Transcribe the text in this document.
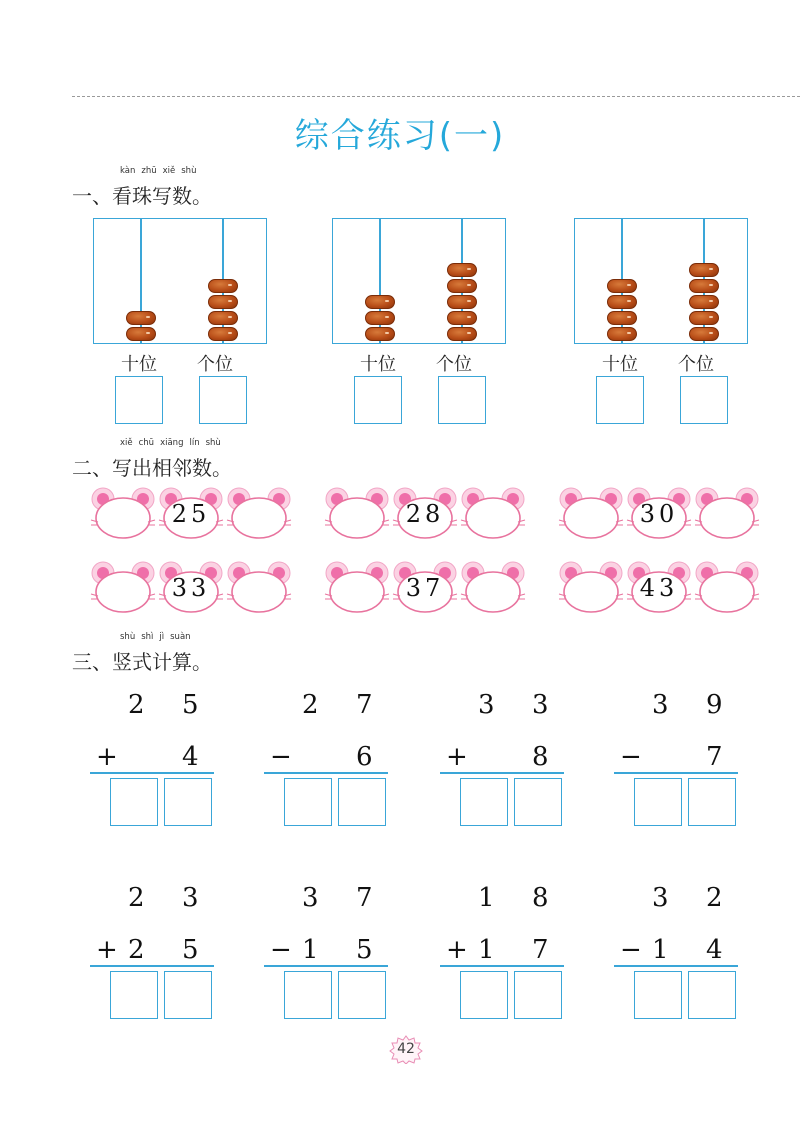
综合练习(一)
kàn zhū xiě shù
一、看珠写数。
十位 个位	十位 个位	十位 个位
xiě chū xiāng lín shù
二、写出相邻数。
25	28	30
33	37	43
shù shì jì suàn
三、竖式计算。
2 5
+ 4
2 7
− 6
3 3
+ 8
3 9
− 7
2 3
+ 2 5
3 7
− 1 5
1 8
+ 1 7
3 2
− 1 4
42
